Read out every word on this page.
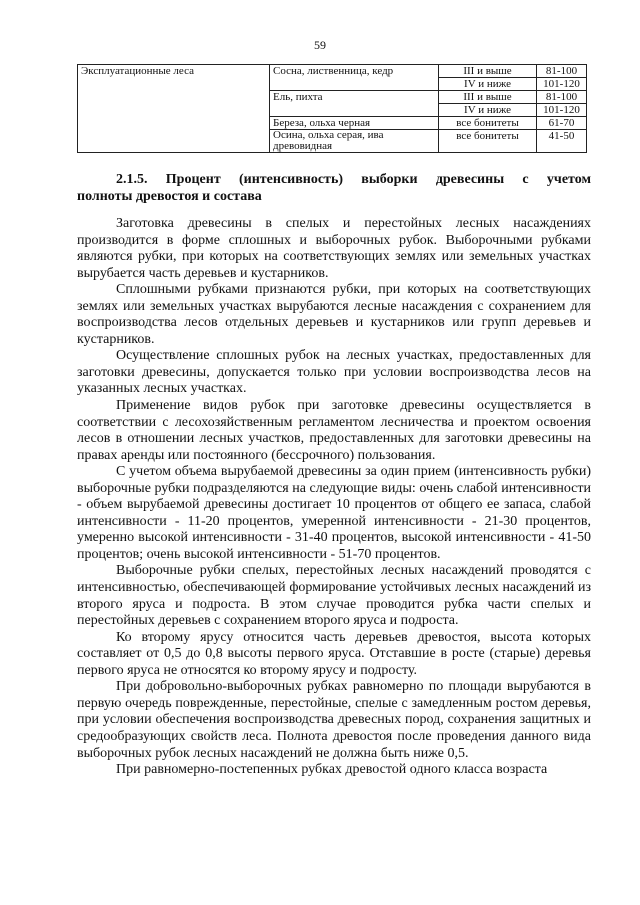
59
Эксплуатационные леса	Сосна, лиственница, кедр	III и выше	81-100
		IV и ниже	101-120
	Ель, пихта	III и выше	81-100
		IV и ниже	101-120
	Береза, ольха черная	все бонитеты	61-70
	Осина, ольха серая, ива древовидная	все бонитеты	41-50
2.1.5. Процент (интенсивность) выборки древесины с учетом
полноты древостоя и состава

Заготовка древесины в спелых и перестойных лесных насаждениях производится в форме сплошных и выборочных рубок. Выборочными рубками являются рубки, при которых на соответствующих землях или земельных участках вырубается часть деревьев и кустарников.

Сплошными рубками признаются рубки, при которых на соответствующих землях или земельных участках вырубаются лесные насаждения с сохранением для воспроизводства лесов отдельных деревьев и кустарников или групп деревьев и кустарников.

Осуществление сплошных рубок на лесных участках, предоставленных для заготовки древесины, допускается только при условии воспроизводства лесов на указанных лесных участках.

Применение видов рубок при заготовке древесины осуществляется в соответствии с лесохозяйственным регламентом лесничества и проектом освоения лесов в отношении лесных участков, предоставленных для заготовки древесины на правах аренды или постоянного (бессрочного) пользования.

С учетом объема вырубаемой древесины за один прием (интенсивность рубки) выборочные рубки подразделяются на следующие виды: очень слабой интенсивности - объем вырубаемой древесины достигает 10 процентов от общего ее запаса, слабой интенсивности - 11-20 процентов, умеренной интенсивности - 21-30 процентов, умеренно высокой интенсивности - 31-40 процентов, высокой интенсивности - 41-50 процентов; очень высокой интенсивности - 51-70 процентов.

Выборочные рубки спелых, перестойных лесных насаждений проводятся с интенсивностью, обеспечивающей формирование устойчивых лесных насаждений из второго яруса и подроста. В этом случае проводится рубка части спелых и перестойных деревьев с сохранением второго яруса и подроста.

Ко второму ярусу относится часть деревьев древостоя, высота которых составляет от 0,5 до 0,8 высоты первого яруса. Отставшие в росте (старые) деревья первого яруса не относятся ко второму ярусу и подросту.

При добровольно-выборочных рубках равномерно по площади вырубаются в первую очередь поврежденные, перестойные, спелые с замедленным ростом деревья, при условии обеспечения воспроизводства древесных пород, сохранения защитных и средообразующих свойств леса. Полнота древостоя после проведения данного вида выборочных рубок лесных насаждений не должна быть ниже 0,5.

При равномерно-постепенных рубках древостой одного класса возраста
